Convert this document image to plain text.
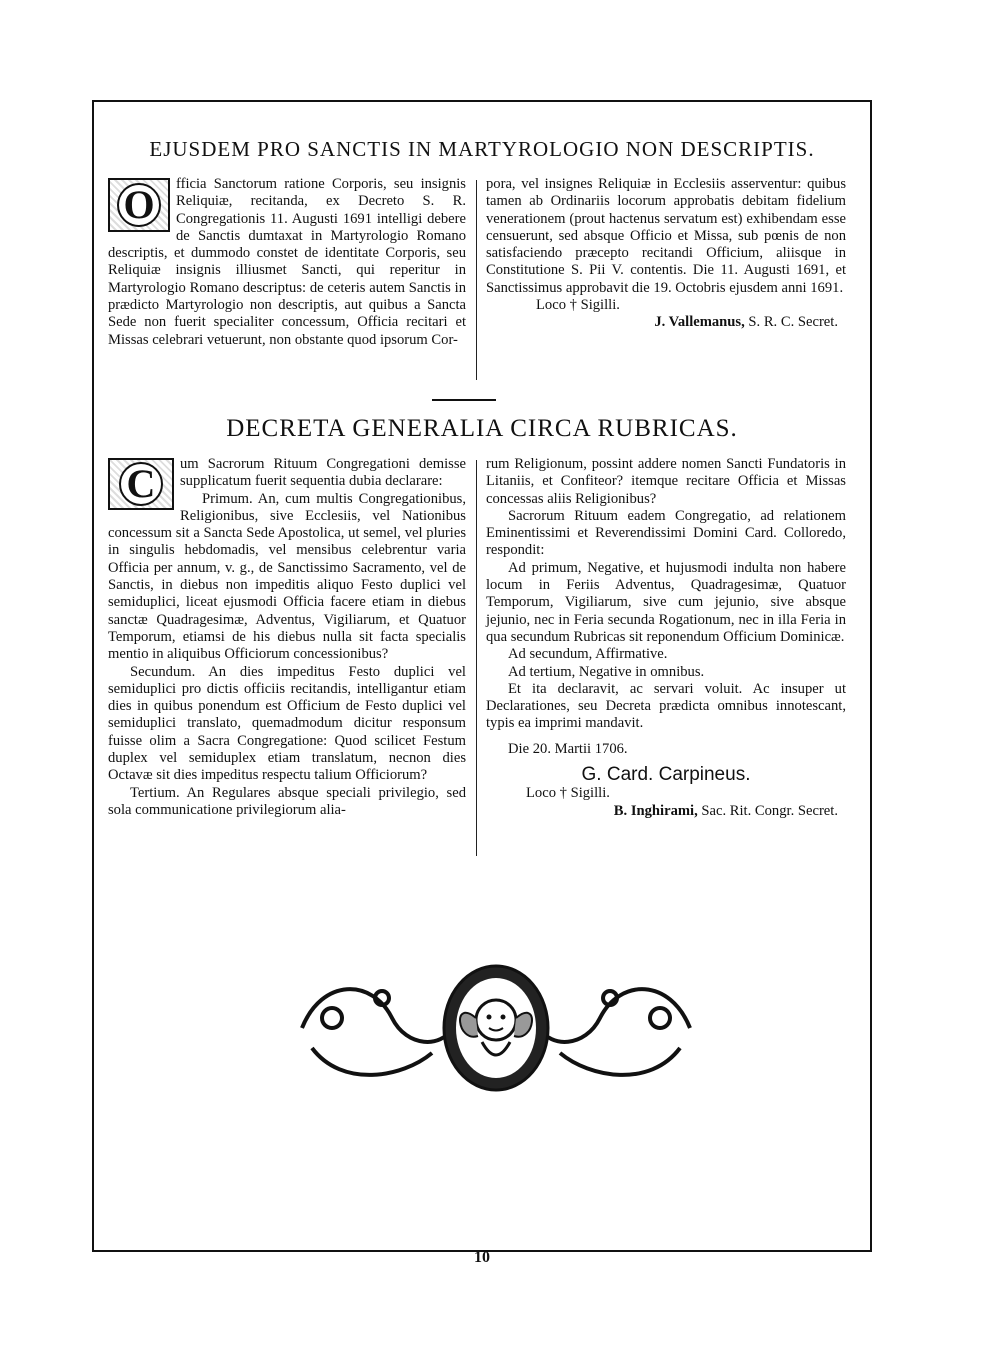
EJUSDEM PRO SANCTIS IN MARTYROLOGIO NON DESCRIPTIS.
O	fficia Sanctorum ratione Corporis, seu insignis Reliquiæ, recitanda, ex Decreto S. R. Congregationis 11. Augusti 1691 intelligi debere de Sanctis dumtaxat in Martyrologio Romano descriptis, et dummodo constet de identitate Corporis, seu Reliquiæ insignis illiusmet Sancti, qui reperitur in Martyrologio Romano descriptus: de ceteris autem Sanctis in prædicto Martyrologio non descriptis, aut quibus a Sancta Sede non fuerit specialiter concessum, Officia recitari et Missas celebrari vetuerunt, non obstante quod ipsorum Cor-

pora, vel insignes Reliquiæ in Ecclesiis asserventur: quibus tamen ab Ordinariis locorum approbatis debitam fidelium venerationem (prout hactenus servatum est) exhibendam esse censuerunt, sed absque Officio et Missa, sub pœnis de non satisfaciendo præcepto recitandi Officium, aliisque in Constitutione S. Pii V. contentis. Die 11. Augusti 1691, et Sanctissimus approbavit die 19. Octobris ejusdem anni 1691.

Loco † Sigilli.

J. Vallemanus, S. R. C. Secret.

DECRETA GENERALIA CIRCA RUBRICAS.
C	um Sacrorum Rituum Congregationi demisse supplicatum fuerit sequentia dubia declarare:

Primum. An, cum multis Congregationibus, Religionibus, sive Ecclesiis, vel Nationibus concessum sit a Sancta Sede Apostolica, ut semel, vel pluries in singulis hebdomadis, vel mensibus celebrentur varia Officia per annum, v. g., de Sanctissimo Sacramento, vel de Sanctis, in diebus non impeditis aliquo Festo duplici vel semiduplici, liceat ejusmodi Officia facere etiam in diebus sanctæ Quadragesimæ, Adventus, Vigiliarum, et Quatuor Temporum, etiamsi de his diebus nulla sit facta specialis mentio in aliquibus Officiorum concessionibus?

Secundum. An dies impeditus Festo duplici vel semiduplici pro dictis officiis recitandis, intelligantur etiam dies in quibus ponendum est Officium de Festo duplici vel semiduplici translato, quemadmodum dicitur responsum fuisse olim a Sacra Congregatione: Quod scilicet Festum duplex vel semiduplex etiam translatum, necnon dies Octavæ sit dies impeditus respectu talium Officiorum?

Tertium. An Regulares absque speciali privilegio, sed sola communicatione privilegiorum alia-

rum Religionum, possint addere nomen Sancti Fundatoris in Litaniis, et Confiteor? itemque recitare Officia et Missas concessas aliis Religionibus?

Sacrorum Rituum eadem Congregatio, ad relationem Eminentissimi et Reverendissimi Domini Card. Colloredo, respondit:

Ad primum, Negative, et hujusmodi indulta non habere locum in Feriis Adventus, Quadragesimæ, Quatuor Temporum, Vigiliarum, sive cum jejunio, sive absque jejunio, nec in Feria secunda Rogationum, nec in illa Feria in qua secundum Rubricas sit reponendum Officium Dominicæ.

Ad secundum, Affirmative.

Ad tertium, Negative in omnibus.

Et ita declaravit, ac servari voluit. Ac insuper ut Declarationes, seu Decreta prædicta omnibus innotescant, typis ea imprimi mandavit.

Die 20. Martii 1706.

G. Card. Carpineus.

Loco † Sigilli.

B. Inghirami, Sac. Rit. Congr. Secret.

10
